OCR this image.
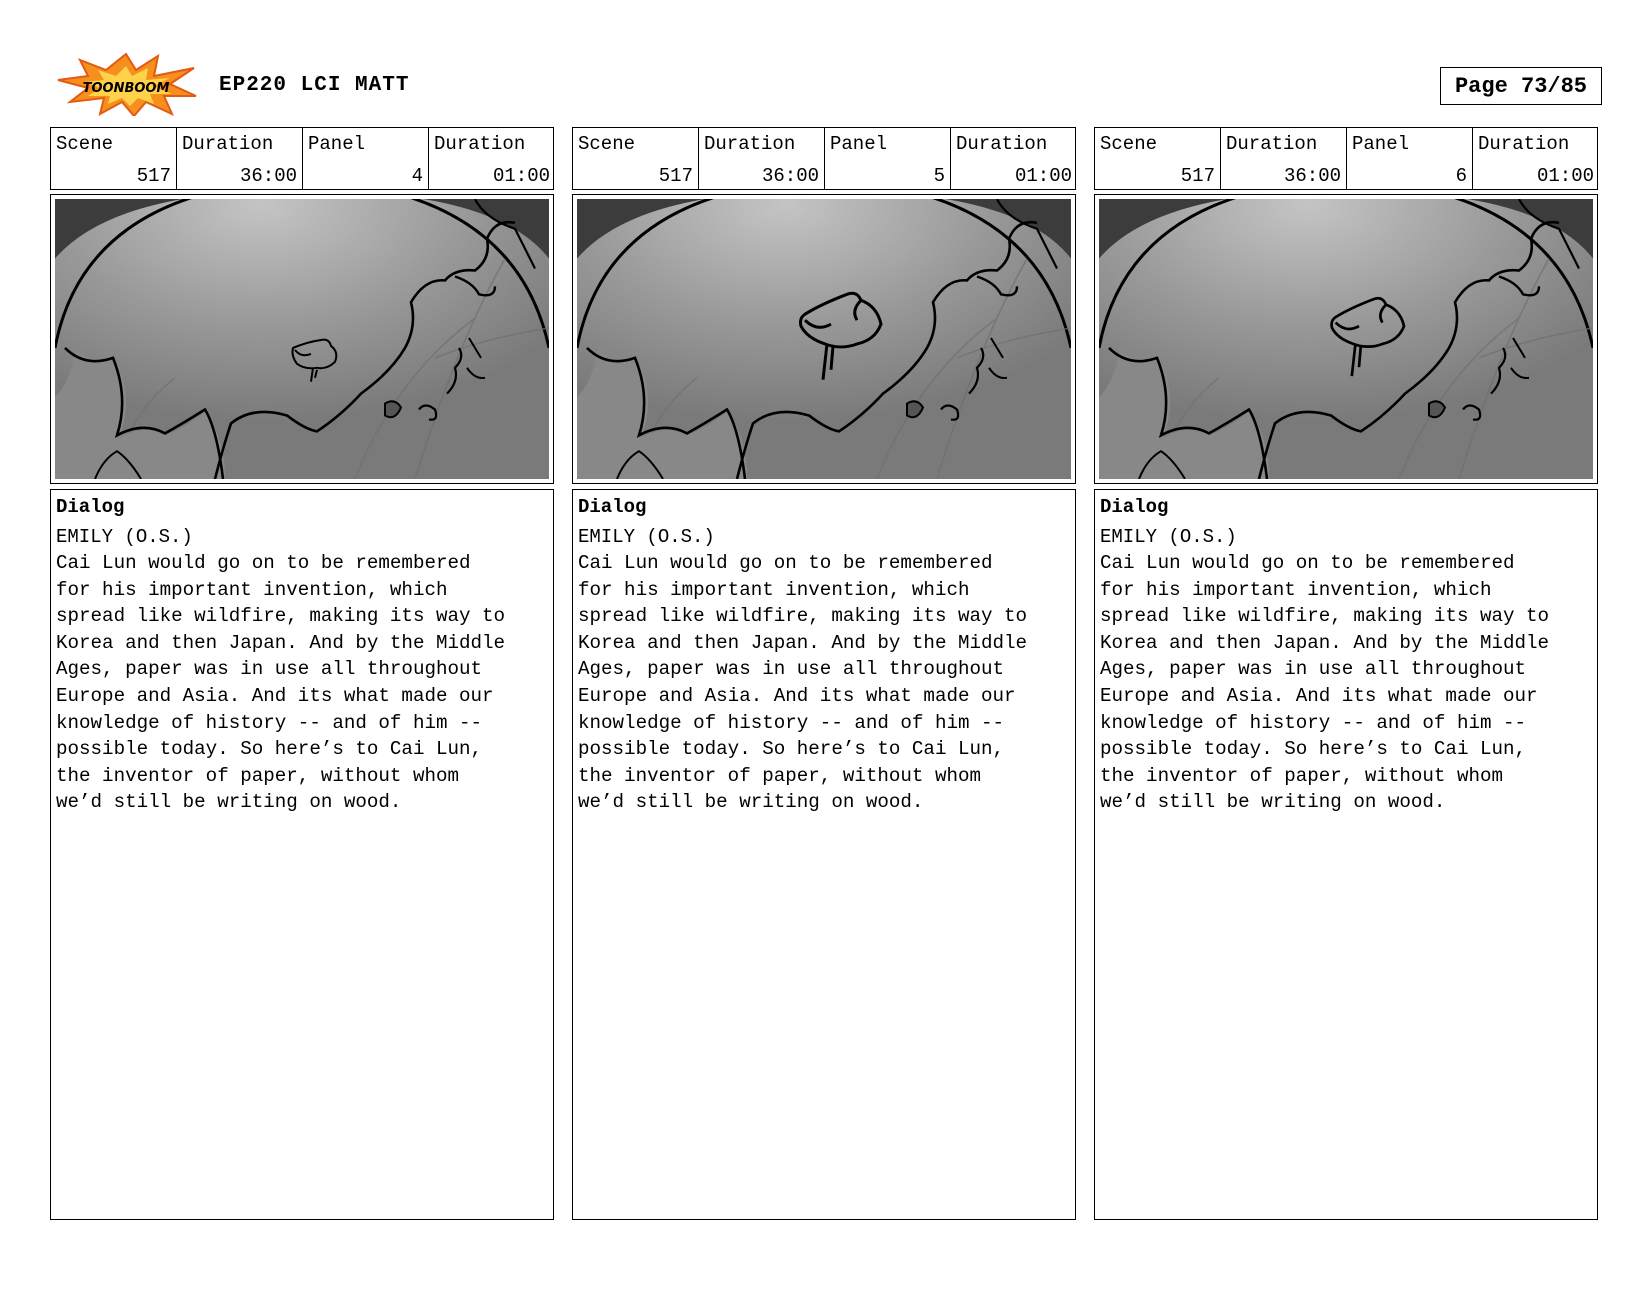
TOONBOOM EP220 LCI MATT	Page 73/85
Scene
517
Duration
36:00
Panel
4
Duration
01:00
Dialog
EMILY (O.S.)
Cai Lun would go on to be remembered
for his important invention, which
spread like wildfire, making its way to
Korea and then Japan. And by the Middle
Ages, paper was in use all throughout
Europe and Asia. And its what made our
knowledge of history -- and of him --
possible today. So here’s to Cai Lun,
the inventor of paper, without whom
we’d still be writing on wood.
Scene
517
Duration
36:00
Panel
5
Duration
01:00
Dialog
EMILY (O.S.)
Cai Lun would go on to be remembered
for his important invention, which
spread like wildfire, making its way to
Korea and then Japan. And by the Middle
Ages, paper was in use all throughout
Europe and Asia. And its what made our
knowledge of history -- and of him --
possible today. So here’s to Cai Lun,
the inventor of paper, without whom
we’d still be writing on wood.
Scene
517
Duration
36:00
Panel
6
Duration
01:00
Dialog
EMILY (O.S.)
Cai Lun would go on to be remembered
for his important invention, which
spread like wildfire, making its way to
Korea and then Japan. And by the Middle
Ages, paper was in use all throughout
Europe and Asia. And its what made our
knowledge of history -- and of him --
possible today. So here’s to Cai Lun,
the inventor of paper, without whom
we’d still be writing on wood.
